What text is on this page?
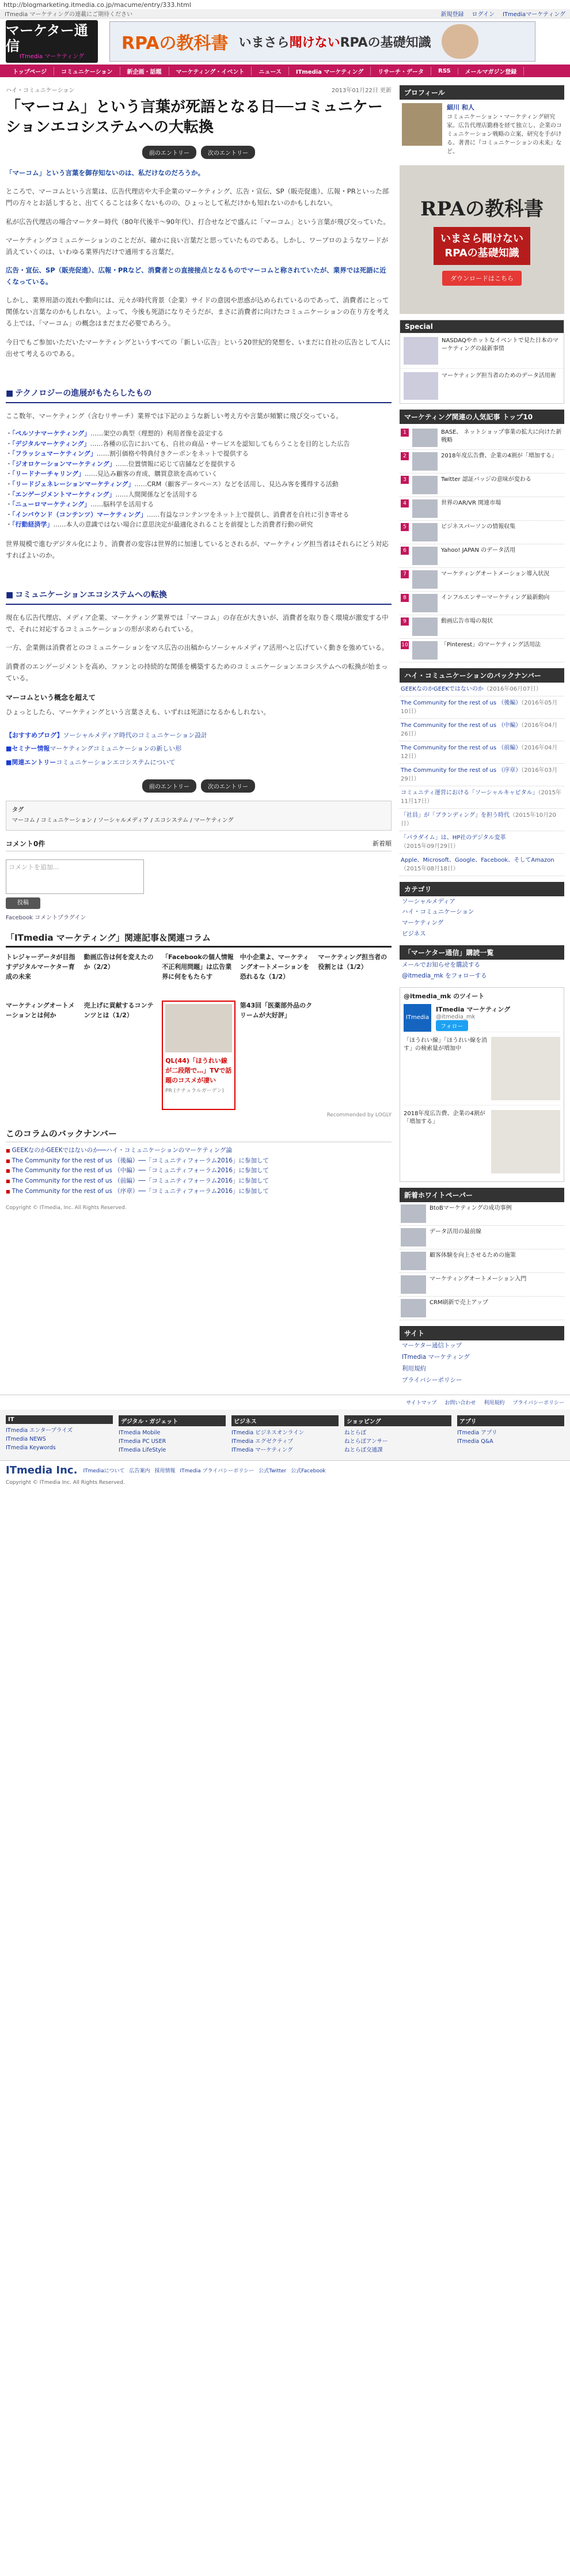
http://blogmarketing.itmedia.co.jp/macume/entry/333.html
ITmedia マーケティングの連載にご期待ください	新規登録 ログイン ITmediaマーケティング
マーケター通信
ITmedia マーケティング
RPAの教科書 いまさら聞けないRPAの基礎知識
トップページ	コミュニケーション	新企画・話題	マーケティング・イベント	ニュース	ITmedia マーケティング	リサーチ・データ	RSS	メールマガジン登録
ハイ・コミュニケーション	2013年01月22日 更新
「マーコム」という言葉が死語となる日──コミュニケーションエコシステムへの大転換
前のエントリー	次のエントリー

「マーコム」という言葉を御存知ないのは、私だけなのだろうか。

ところで、マーコムという言葉は、広告代理店や大手企業のマーケティング、広告・宣伝、SP（販売促進）、広報・PRといった部門の方々とお話しすると、出てくることは多くないものの、ひょっとして私だけかも知れないのかもしれない。

私が広告代理店の場合マーケター時代（80年代後半〜90年代）、打合せなどで盛んに「マーコム」という言葉が飛び交っていた。

マーケティングコミュニケーションのことだが、確かに良い言葉だと思っていたものである。しかし、ワーブロのようなワードが消えていくのは、いわゆる業界内だけで通用する言葉だ。

広告・宣伝、SP（販売促進）、広報・PRなど、消費者との直接接点となるものでマーコムと称されていたが、業界では死語に近くなっている。

しかし、業界用語の流れや動向には、元々が時代背景（企業）サイドの意図や思惑が込められているのであって、消費者にとって関係ない言葉なのかもしれない。よって、今後も死語になりそうだが、まさに消費者に向けたコミュニケーションの在り方を考える上では、「マーコム」の概念はまだまだ必要であろう。

今日でもご参加いただいたマーケティングというすべての「新しい広告」という20世紀的発想を、いまだに自社の広告として人に出せて考えるのである。

■ テクノロジーの進展がもたらしたもの

ここ数年、マーケティング（含むリサーチ）業界では下記のような新しい考え方や言葉が頻繁に飛び交っている。

・ 「ペルソナマーケティング」……架空の典型（理想的）利用者像を設定する
・ 「デジタルマーケティング」……各種の広告においても、自社の商品・サービスを認知してもらうことを目的とした広告
・ 「フラッシュマーケティング」……割引価格や特典付きクーポンをネットで提供する
・ 「ジオロケーションマーケティング」……位置情報に応じて店舗などを提供する
・ 「リードナーチャリング」……見込み顧客の育成、購買意欲を高めていく
・ 「リードジェネレーションマーケティング」……CRM（顧客データベース）などを活用し、見込み客を獲得する活動
・ 「エンゲージメントマーケティング」……人間関係などを活用する
・ 「ニューロマーケティング」……脳科学を活用する
・ 「インバウンド（コンテンツ）マーケティング」……有益なコンテンツをネット上で提供し、消費者を自社に引き寄せる
・ 「行動経済学」……本人の意識ではない場合に意思決定が最適化されることを前提とした消費者行動の研究

世界規模で進むデジタル化により、消費者の変容は世界的に加速しているとされるが、マーケティング担当者はそれらにどう対応すればよいのか。

■ コミュニケーションエコシステムへの転換

現在も広告代理店、メディア企業、マーケティング業界では「マーコム」の存在が大きいが、消費者を取り巻く環境が激変する中で、それに対応するコミュニケーションの形が求められている。

一方、企業側は消費者とのコミュニケーションをマス広告の出稿からソーシャルメディア活用へと広げていく動きを強めている。

消費者のエンゲージメントを高め、ファンとの持続的な関係を構築するためのコミュニケーションエコシステムへの転換が始まっている。

マーコムという概念を超えて

ひょっとしたら、マーケティングという言葉さえも、いずれは死語になるかもしれない。

【おすすめブログ】ソーシャルメディア時代のコミュニケーション設計

■セミナー情報マーケティングコミュニケーションの新しい形

■関連エントリーコミュニケーションエコシステムについて

前のエントリー	次のエントリー
タグ
マーコム / コミュニケーション / ソーシャルメディア / エコシステム / マーケティング
コメント0件	新着順
コメントを追加...
投稿
Facebook コメントプラグイン
「ITmedia マーケティング」関連記事＆関連コラム
トレジャーデータが目指すデジタルマーケター育成の未来
動画広告は何を変えたのか（2/2）
「Facebookの個人情報不正利用問題」は広告業界に何をもたらす
中小企業よ、マーケティングオートメーションを恐れるな（1/2）
マーケティング担当者の役割とは（1/2）
マーケティングオートメーションとは何か
売上げに貢献するコンテンツとは（1/2）
QL(44)「ほうれい線が二段階で…」TVで話題のコスメが凄い
PR (ナチュラルガーデン)
第43回「医薬部外品のクリームが大好評」
Recommended by LOGLY
このコラムのバックナンバー
■ GEEKなのかGEEKではないのか──ハイ・コミュニケーションのマーケティング論
■ The Community for the rest of us （後編）──「コミュニティフォーラム2016」に参加して
■ The Community for the rest of us （中編）──「コミュニティフォーラム2016」に参加して
■ The Community for the rest of us （前編）──「コミュニティフォーラム2016」に参加して
■ The Community for the rest of us （序章）──「コミュニティフォーラム2016」に参加して
Copyright © ITmedia, Inc. All Rights Reserved.
プロフィール
細川 和人
コミュニケーション・マーケティング研究家。広告代理店勤務を経て独立し、企業のコミュニケーション戦略の立案、研究を手がける。著書に『コミュニケーションの未来』など。
RPAの教科書
いまさら聞けない
RPAの基礎知識
ダウンロードはこちら
Special
NASDAQやホットなイベントで見た日本のマーケティングの最新事情
マーケティング担当者のためのデータ活用術
マーケティング関連の人気記事 トップ10
1	BASE、 ネットショップ事業の拡大に向けた新戦略
2	2018年度広告費、企業の4割が「増加する」
3	Twitter 認証バッジの意味が変わる
4	世界のAR/VR 関連市場
5	ビジネスパーソンの情報収集
6	Yahoo! JAPAN のデータ活用
7	マーケティングオートメーション導入状況
8	インフルエンサーマーケティング最新動向
9	動画広告市場の現状
10	「Pinterest」のマーケティング活用法
ハイ・コミュニケーションのバックナンバー
GEEKなのかGEEKではないのか（2016年06月07日）
The Community for the rest of us （後編）（2016年05月10日）
The Community for the rest of us （中編）（2016年04月26日）
The Community for the rest of us （前編）（2016年04月12日）
The Community for the rest of us （序章）（2016年03月29日）
コミュニティ運営における「ソーシャルキャピタル」（2015年11月17日）
「社員」が「ブランディング」を担う時代（2015年10月20日）
「パラダイム」は、HP社のデジタル変革（2015年09月29日）
Apple、Microsoft、Google、Facebook、そしてAmazon（2015年08月18日）
カテゴリ
ソーシャルメディア
ハイ・コミュニケーション
マーケティング
ビジネス
「マーケター通信」購読一覧
メールでお知らせを購読する
@itmedia_mk をフォローする
@itmedia_mk のツイート
ITmedia
ITmedia マーケティング
@itmedia_mk
フォロー
「ほうれい線」「ほうれい線を消す」の検索量が増加中
2018年度広告費、企業の4割が「増加する」
新着ホワイトペーパー
BtoBマーケティングの成功事例
データ活用の最前線
顧客体験を向上させるための施策
マーケティングオートメーション入門
CRM刷新で売上アップ
サイト
マーケター通信トップ
ITmedia マーケティング
利用規約
プライバシーポリシー
サイトマップ お問い合わせ 利用規約 プライバシーポリシー
IT
ITmedia エンタープライズ
ITmedia NEWS
ITmedia Keywords
デジタル・ガジェット
ITmedia Mobile
ITmedia PC USER
ITmedia LifeStyle
ビジネス
ITmedia ビジネスオンライン
ITmedia エグゼクティブ
ITmedia マーケティング
ショッピング
ねとらぼ
ねとらぼアンサー
ねとらぼ交通課
アプリ
ITmedia アプリ
ITmedia Q&A
ITmedia Inc. ITmediaについて 広告案内 採用情報 ITmedia プライバシーポリシー 公式Twitter 公式Facebook
Copyright © ITmedia Inc. All Rights Reserved.
